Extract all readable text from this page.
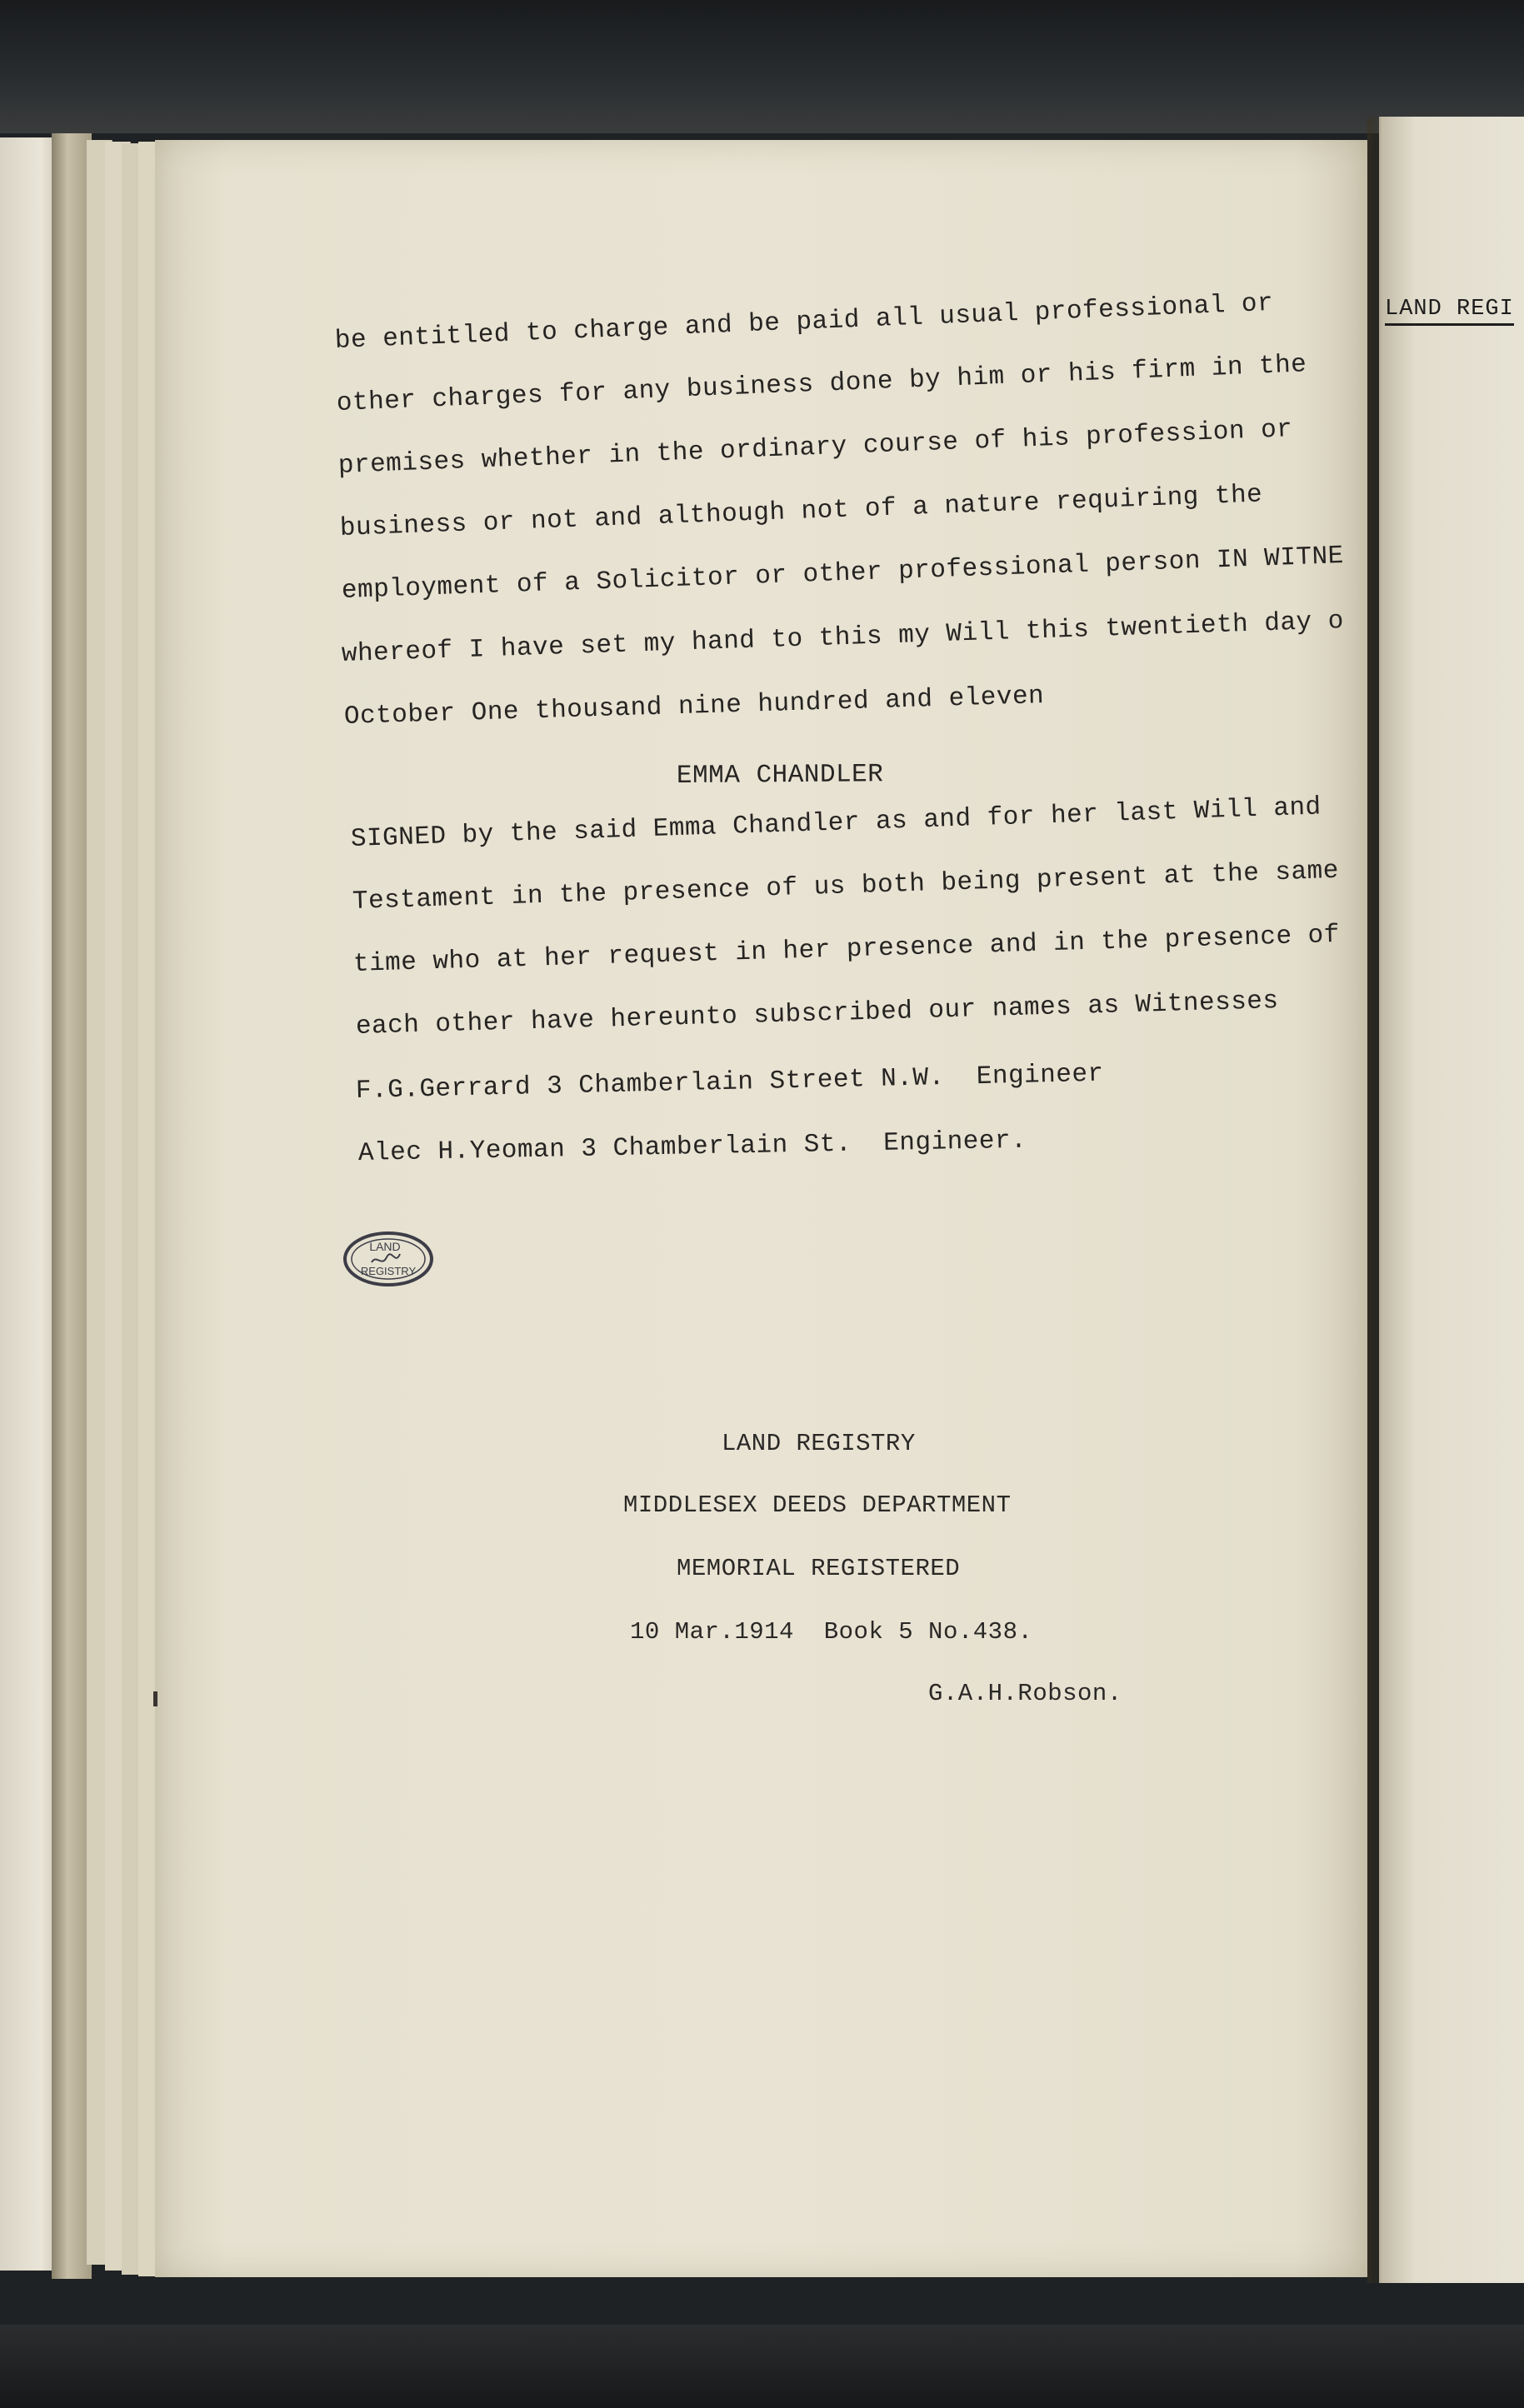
LAND REGI
be entitled to charge and be paid all usual professional or
other charges for any business done by him or his firm in the
premises whether in the ordinary course of his profession or
business or not and although not of a nature requiring the
employment of a Solicitor or other professional person IN WITNE
whereof I have set my hand to this my Will this twentieth day o
October One thousand nine hundred and eleven
EMMA CHANDLER
SIGNED by the said Emma Chandler as and for her last Will and
Testament in the presence of us both being present at the same
time who at her request in her presence and in the presence of
each other have hereunto subscribed our names as Witnesses
F.G.Gerrard 3 Chamberlain Street N.W.  Engineer
Alec H.Yeoman 3 Chamberlain St.  Engineer.
LAND
REGISTRY
LAND REGISTRY
MIDDLESEX DEEDS DEPARTMENT
MEMORIAL REGISTERED
10 Mar.1914  Book 5 No.438.
G.A.H.Robson.
